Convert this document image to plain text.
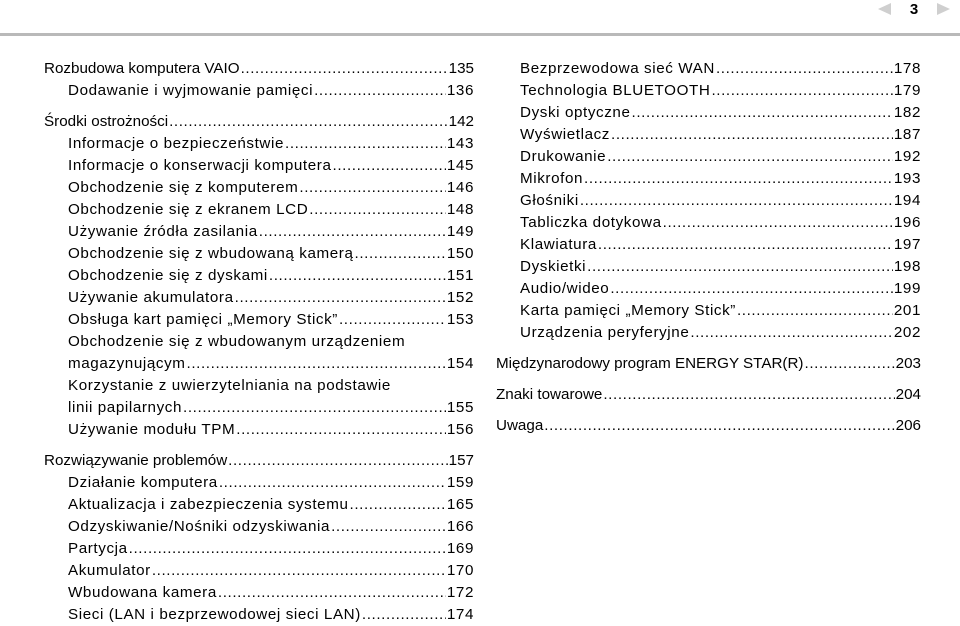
3
Rozbudowa komputera VAIO .....	135
Dodawanie i wyjmowanie pamięci .....	136
Środki ostrożności .....	142
Informacje o bezpieczeństwie .....	143
Informacje o konserwacji komputera .....	145
Obchodzenie się z komputerem .....	146
Obchodzenie się z ekranem LCD .....	148
Używanie źródła zasilania .....	149
Obchodzenie się z wbudowaną kamerą .....	150
Obchodzenie się z dyskami .....	151
Używanie akumulatora .....	152
Obsługa kart pamięci „Memory Stick” .....	153
Obchodzenie się z wbudowanym urządzeniem
magazynującym .....	154
Korzystanie z uwierzytelniania na podstawie
linii papilarnych .....	155
Używanie modułu TPM .....	156
Rozwiązywanie problemów .....	157
Działanie komputera .....	159
Aktualizacja i zabezpieczenia systemu .....	165
Odzyskiwanie/Nośniki odzyskiwania .....	166
Partycja .....	169
Akumulator .....	170
Wbudowana kamera .....	172
Sieci (LAN i bezprzewodowej sieci LAN) .....	174
Bezprzewodowa sieć WAN .....	178
Technologia BLUETOOTH .....	179
Dyski optyczne .....	182
Wyświetlacz .....	187
Drukowanie .....	192
Mikrofon .....	193
Głośniki .....	194
Tabliczka dotykowa .....	196
Klawiatura .....	197
Dyskietki .....	198
Audio/wideo .....	199
Karta pamięci „Memory Stick” .....	201
Urządzenia peryferyjne .....	202
Międzynarodowy program ENERGY STAR(R) .....	203
Znaki towarowe .....	204
Uwaga .....	206
